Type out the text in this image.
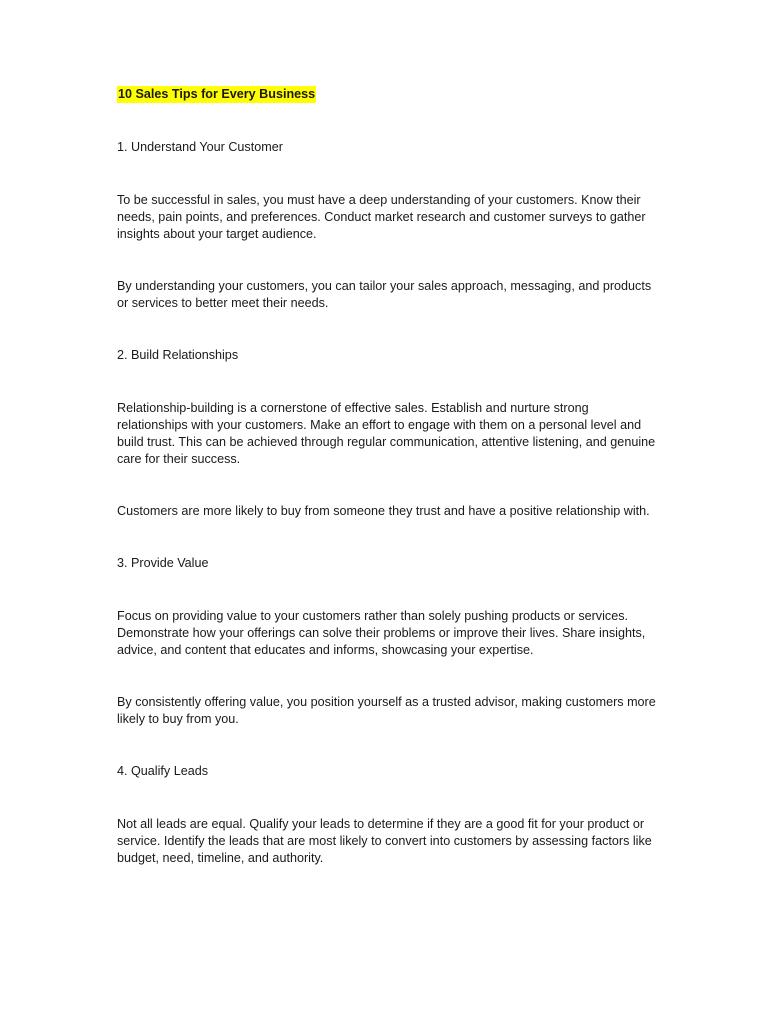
10 Sales Tips for Every Business
1. Understand Your Customer

To be successful in sales, you must have a deep understanding of your customers. Know their needs, pain points, and preferences. Conduct market research and customer surveys to gather insights about your target audience.

By understanding your customers, you can tailor your sales approach, messaging, and products or services to better meet their needs.

2. Build Relationships

Relationship-building is a cornerstone of effective sales. Establish and nurture strong relationships with your customers. Make an effort to engage with them on a personal level and build trust. This can be achieved through regular communication, attentive listening, and genuine care for their success.

Customers are more likely to buy from someone they trust and have a positive relationship with.

3. Provide Value

Focus on providing value to your customers rather than solely pushing products or services. Demonstrate how your offerings can solve their problems or improve their lives. Share insights, advice, and content that educates and informs, showcasing your expertise.

By consistently offering value, you position yourself as a trusted advisor, making customers more likely to buy from you.

4. Qualify Leads

Not all leads are equal. Qualify your leads to determine if they are a good fit for your product or service. Identify the leads that are most likely to convert into customers by assessing factors like budget, need, timeline, and authority.
